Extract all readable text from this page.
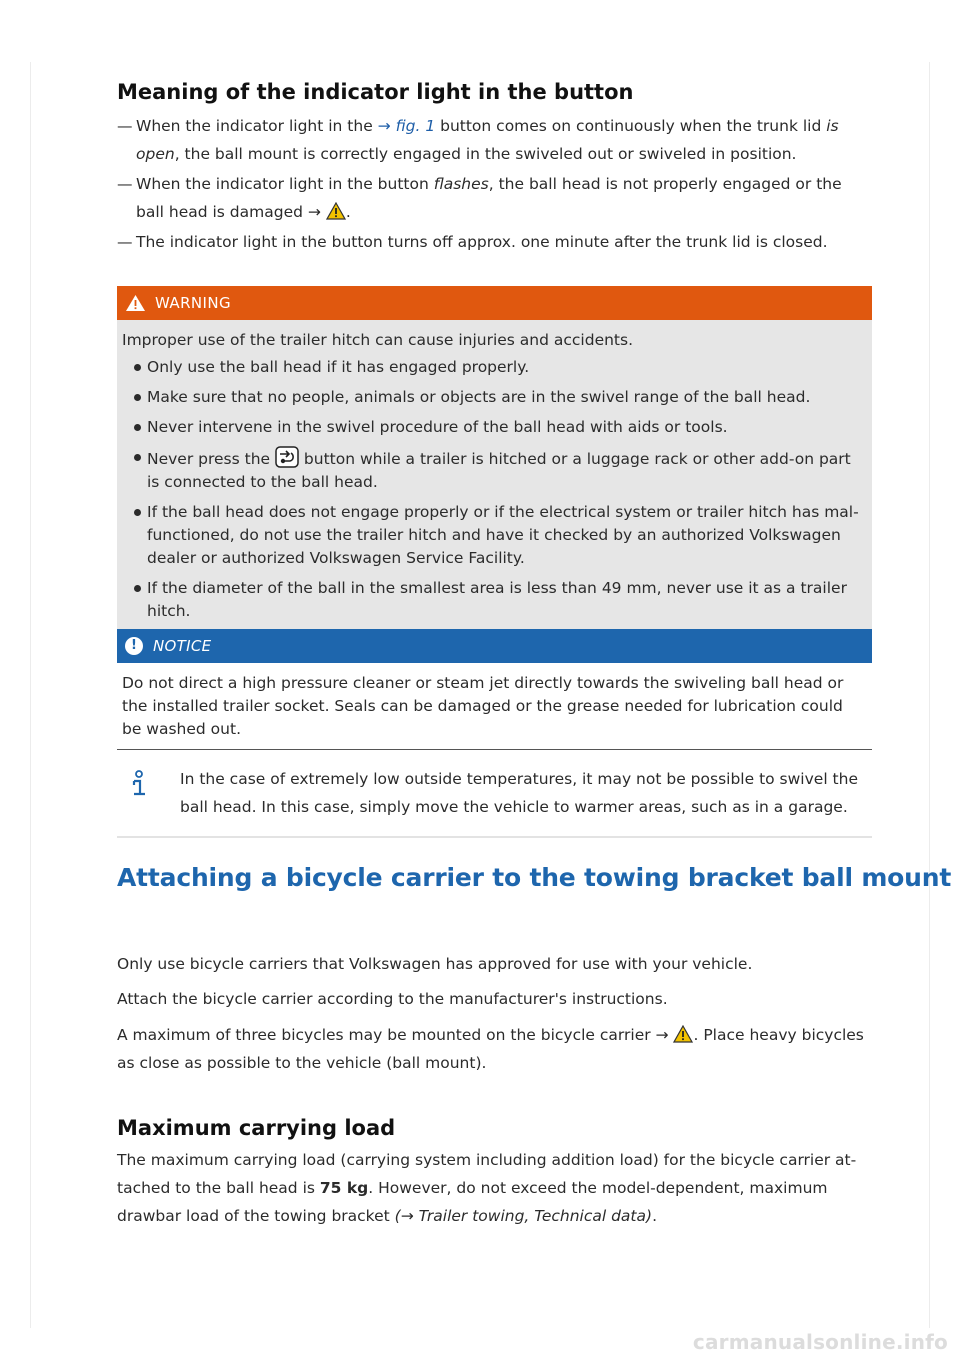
Meaning of the indicator light in the button
— When the indicator light in the → fig. 1 button comes on continuously when the trunk lid is
open, the ball mount is correctly engaged in the swiveled out or swiveled in position.
— When the indicator light in the button flashes, the ball head is not properly engaged or the
ball head is damaged → .
— The indicator light in the button turns off approx. one minute after the trunk lid is closed.
WARNING
Improper use of the trailer hitch can cause injuries and accidents.
Only use the ball head if it has engaged properly.
Make sure that no people, animals or objects are in the swivel range of the ball head.
Never intervene in the swivel procedure of the ball head with aids or tools.
Never press the  button while a trailer is hitched or a luggage rack or other add-on part is connected to the ball head.
If the ball head does not engage properly or if the electrical system or trailer hitch has mal-functioned, do not use the trailer hitch and have it checked by an authorized Volkswagen dealer or authorized Volkswagen Service Facility.
If the diameter of the ball in the smallest area is less than 49 mm, never use it as a trailer hitch.
!	NOTICE
Do not direct a high pressure cleaner or steam jet directly towards the swiveling ball head or the installed trailer socket. Seals can be damaged or the grease needed for lubrication could be washed out.
In the case of extremely low outside temperatures, it may not be possible to swivel the
ball head. In this case, simply move the vehicle to warmer areas, such as in a garage.
Attaching a bicycle carrier to the towing bracket ball mount
Only use bicycle carriers that Volkswagen has approved for use with your vehicle.
Attach the bicycle carrier according to the manufacturer's instructions.
A maximum of three bicycles may be mounted on the bicycle carrier → . Place heavy bicycles
as close as possible to the vehicle (ball mount).
Maximum carrying load
The maximum carrying load (carrying system including addition load) for the bicycle carrier at-
tached to the ball head is 75 kg. However, do not exceed the model-dependent, maximum
drawbar load of the towing bracket (→ Trailer towing, Technical data).
carmanualsonline.info
